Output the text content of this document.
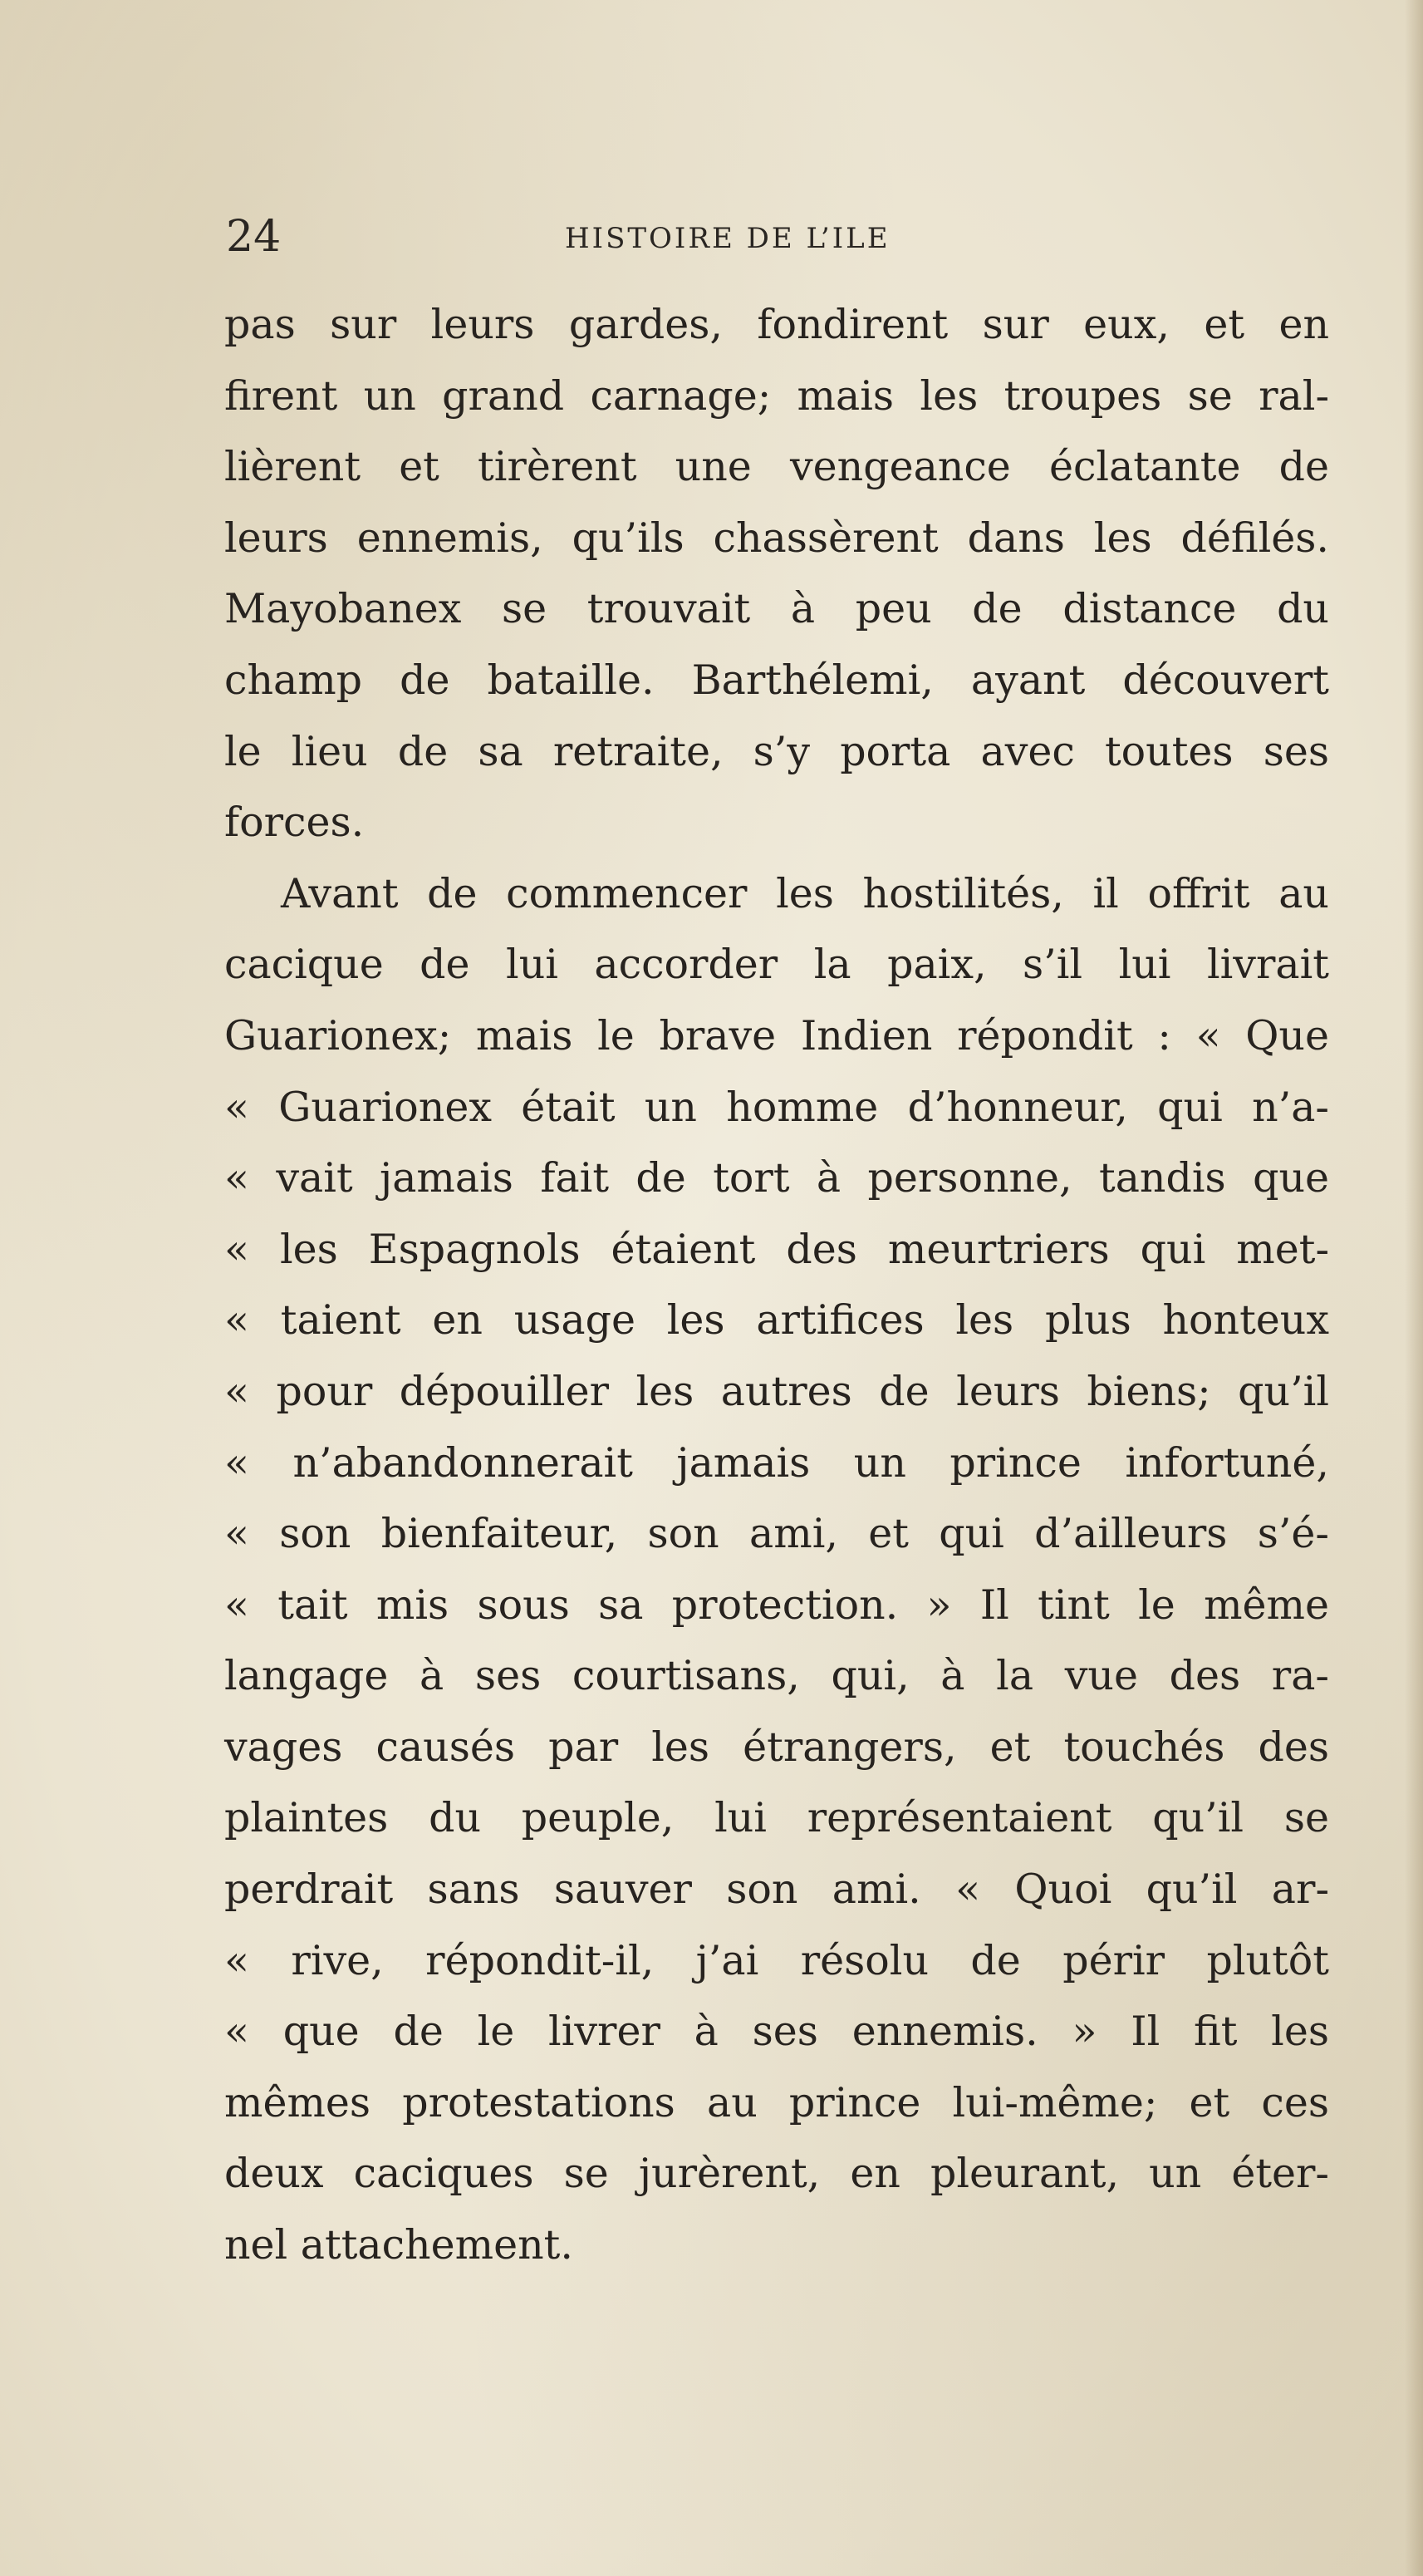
24	HISTOIRE DE L’ILE
pas sur leurs gardes, fondirent sur eux, et en
firent un grand carnage; mais les troupes se ral-
lièrent et tirèrent une vengeance éclatante de
leurs ennemis, qu’ils chassèrent dans les défilés.
Mayobanex se trouvait à peu de distance du
champ de bataille. Barthélemi, ayant découvert
le lieu de sa retraite, s’y porta avec toutes ses
forces.
Avant de commencer les hostilités, il offrit au
cacique de lui accorder la paix, s’il lui livrait
Guarionex; mais le brave Indien répondit : « Que
« Guarionex était un homme d’honneur, qui n’a-
« vait jamais fait de tort à personne, tandis que
« les Espagnols étaient des meurtriers qui met-
« taient en usage les artifices les plus honteux
« pour dépouiller les autres de leurs biens; qu’il
« n’abandonnerait jamais un prince infortuné,
« son bienfaiteur, son ami, et qui d’ailleurs s’é-
« tait mis sous sa protection. » Il tint le même
langage à ses courtisans, qui, à la vue des ra-
vages causés par les étrangers, et touchés des
plaintes du peuple, lui représentaient qu’il se
perdrait sans sauver son ami. « Quoi qu’il ar-
« rive, répondit-il, j’ai résolu de périr plutôt
« que de le livrer à ses ennemis. » Il fit les
mêmes protestations au prince lui-même; et ces
deux caciques se jurèrent, en pleurant, un éter-
nel attachement.
